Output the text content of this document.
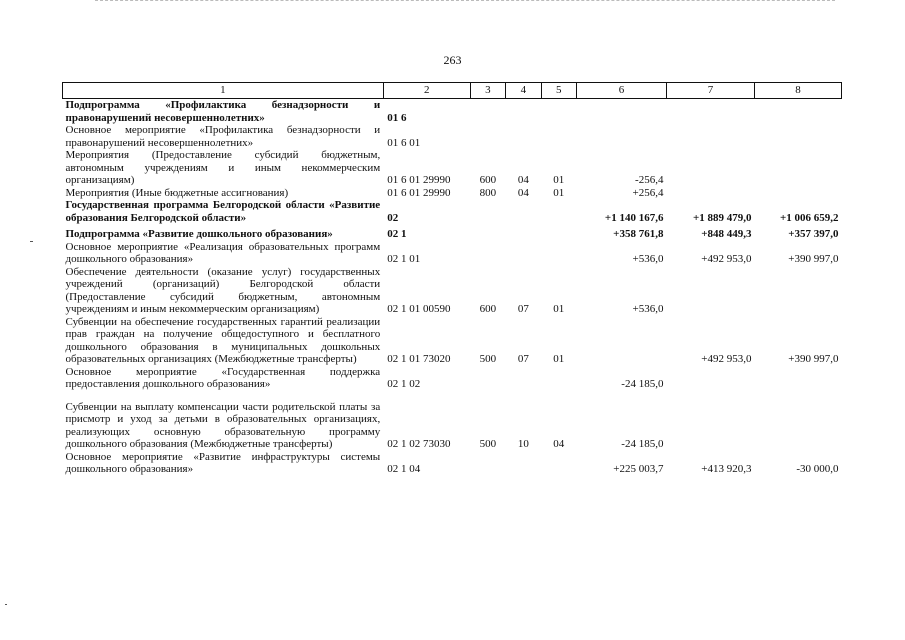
263
1	2	3	4	5	6	7	8
Подпрограмма «Профилактика безнадзорности и правонарушений несовершеннолетних»	01 6						
Основное мероприятие «Профилактика безнадзорности и правонарушений несовершеннолетних»	01 6 01						
Мероприятия (Предоставление субсидий бюджетным, автономным учреждениям и иным некоммерческим организациям)	01 6 01 29990	600	04	01	-256,4		
Мероприятия (Иные бюджетные ассигнования)	01 6 01 29990	800	04	01	+256,4		
Государственная программа Белгородской области «Развитие образования Белгородской области»	02				+1 140 167,6	+1 889 479,0	+1 006 659,2

Подпрограмма «Развитие дошкольного образования»	02 1				+358 761,8	+848 449,3	+357 397,0
Основное мероприятие «Реализация образовательных программ дошкольного образования»	02 1 01				+536,0	+492 953,0	+390 997,0
Обеспечение деятельности (оказание услуг) государственных учреждений (организаций) Белгородской области (Предоставление субсидий бюджетным, автономным учреждениям и иным некоммерческим организациям)	02 1 01 00590	600	07	01	+536,0		
Субвенции на обеспечение государственных гарантий реализации прав граждан на получение общедоступного и бесплатного дошкольного образования в муниципальных дошкольных образовательных организациях (Межбюджетные трансферты)	02 1 01 73020	500	07	01		+492 953,0	+390 997,0
Основное мероприятие «Государственная поддержка предоставления дошкольного образования»	02 1 02				-24 185,0		

Субвенции на выплату компенсации части родительской платы за присмотр и уход за детьми в образовательных организациях, реализующих основную образовательную программу дошкольного образования (Межбюджетные трансферты)	02 1 02 73030	500	10	04	-24 185,0		
Основное мероприятие «Развитие инфраструктуры системы дошкольного образования»	02 1 04				+225 003,7	+413 920,3	-30 000,0
